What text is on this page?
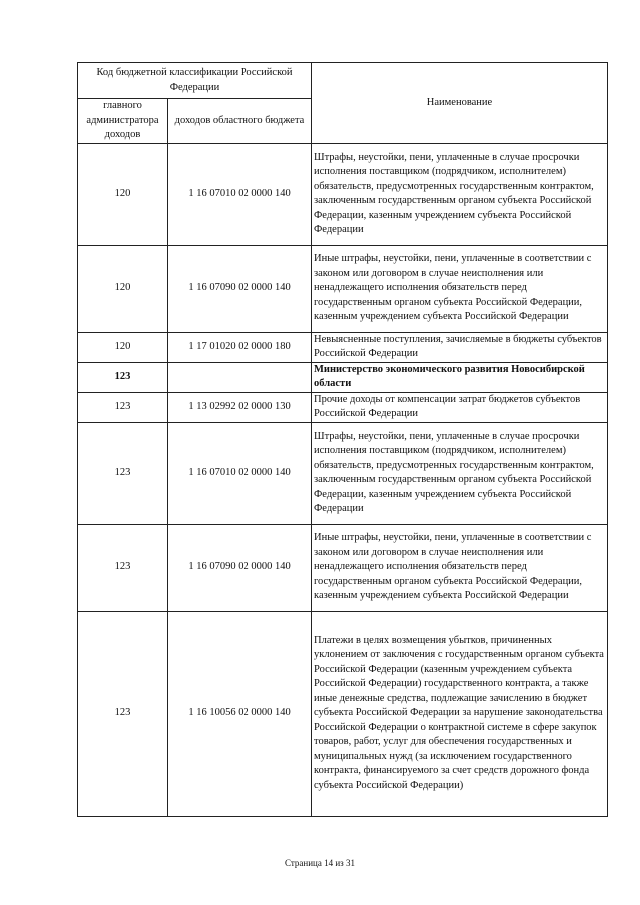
Код бюджетной классификации Российской Федерации		Наименование
главного администратора доходов	доходов областного бюджета	
120	1 16 07010 02 0000 140	Штрафы, неустойки, пени, уплаченные в случае просрочки исполнения поставщиком (подрядчиком, исполнителем) обязательств, предусмотренных государственным контрактом, заключенным государственным органом субъекта Российской Федерации, казенным учреждением субъекта Российской Федерации
120	1 16 07090 02 0000 140	Иные штрафы, неустойки, пени, уплаченные в соответствии с законом или договором в случае неисполнения или ненадлежащего исполнения обязательств перед государственным органом субъекта Российской Федерации, казенным учреждением субъекта Российской Федерации
120	1 17 01020 02 0000 180	Невыясненные поступления, зачисляемые в бюджеты субъектов Российской Федерации
123		Министерство экономического развития Новосибирской области
123	1 13 02992 02 0000 130	Прочие доходы от компенсации затрат бюджетов субъектов Российской Федерации
123	1 16 07010 02 0000 140	Штрафы, неустойки, пени, уплаченные в случае просрочки исполнения поставщиком (подрядчиком, исполнителем) обязательств, предусмотренных государственным контрактом, заключенным государственным органом субъекта Российской Федерации, казенным учреждением субъекта Российской Федерации
123	1 16 07090 02 0000 140	Иные штрафы, неустойки, пени, уплаченные в соответствии с законом или договором в случае неисполнения или ненадлежащего исполнения обязательств перед государственным органом субъекта Российской Федерации, казенным учреждением субъекта Российской Федерации
123	1 16 10056 02 0000 140	Платежи в целях возмещения убытков, причиненных уклонением от заключения с государственным органом субъекта Российской Федерации (казенным учреждением субъекта Российской Федерации) государственного контракта, а также иные денежные средства, подлежащие зачислению в бюджет субъекта Российской Федерации за нарушение законодательства Российской Федерации о контрактной системе в сфере закупок товаров, работ, услуг для обеспечения государственных и муниципальных нужд (за исключением государственного контракта, финансируемого за счет средств дорожного фонда субъекта Российской Федерации)
Страница 14 из 31
